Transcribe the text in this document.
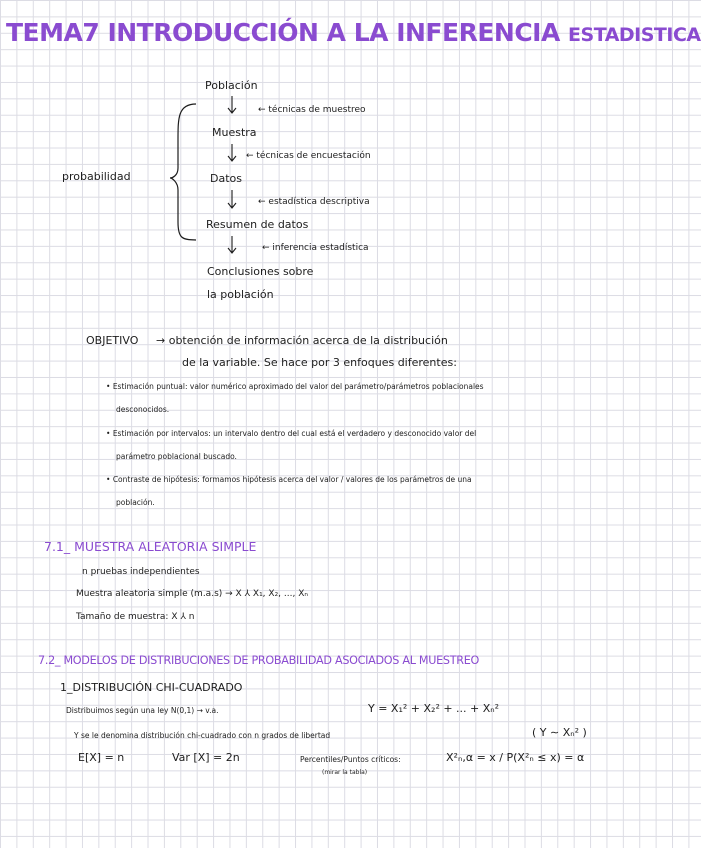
TEMA7 INTRODUCCIÓN A LA INFERENCIA ESTADISTICA
probabilidad
Población
← técnicas de muestreo
Muestra
← técnicas de encuestación
Datos
← estadística descriptiva
Resumen de datos
← inferencia estadística
Conclusiones sobre
la población
OBJETIVO → obtención de información acerca de la distribución
de la variable. Se hace por 3 enfoques diferentes:
• Estimación puntual: valor numérico aproximado del valor del parámetro/parámetros poblacionales
desconocidos.
• Estimación por intervalos: un intervalo dentro del cual está el verdadero y desconocido valor del
parámetro poblacional buscado.
• Contraste de hipótesis: formamos hipótesis acerca del valor / valores de los parámetros de una
población.
7.1_ MUESTRA ALEATORIA SIMPLE
n pruebas independientes
Muestra aleatoria simple (m.a.s) → X ⅄ X₁, X₂, ..., Xₙ
Tamaño de muestra: X ⅄ n
7.2_ MODELOS DE DISTRIBUCIONES DE PROBABILIDAD ASOCIADOS AL MUESTREO
1_DISTRIBUCIÓN CHI-CUADRADO
Distribuimos según una ley N(0,1) → v.a.	Y = X₁² + X₂² + ... + Xₙ²
Y se le denomina distribución chi-cuadrado con n grados de libertad	( Y ∼ Xₙ² )
E[X] = n	Var [X] = 2n	Percentiles/Puntos críticos:	X²ₙ,α = x / P(X²ₙ ≤ x) = α
(mirar la tabla)
